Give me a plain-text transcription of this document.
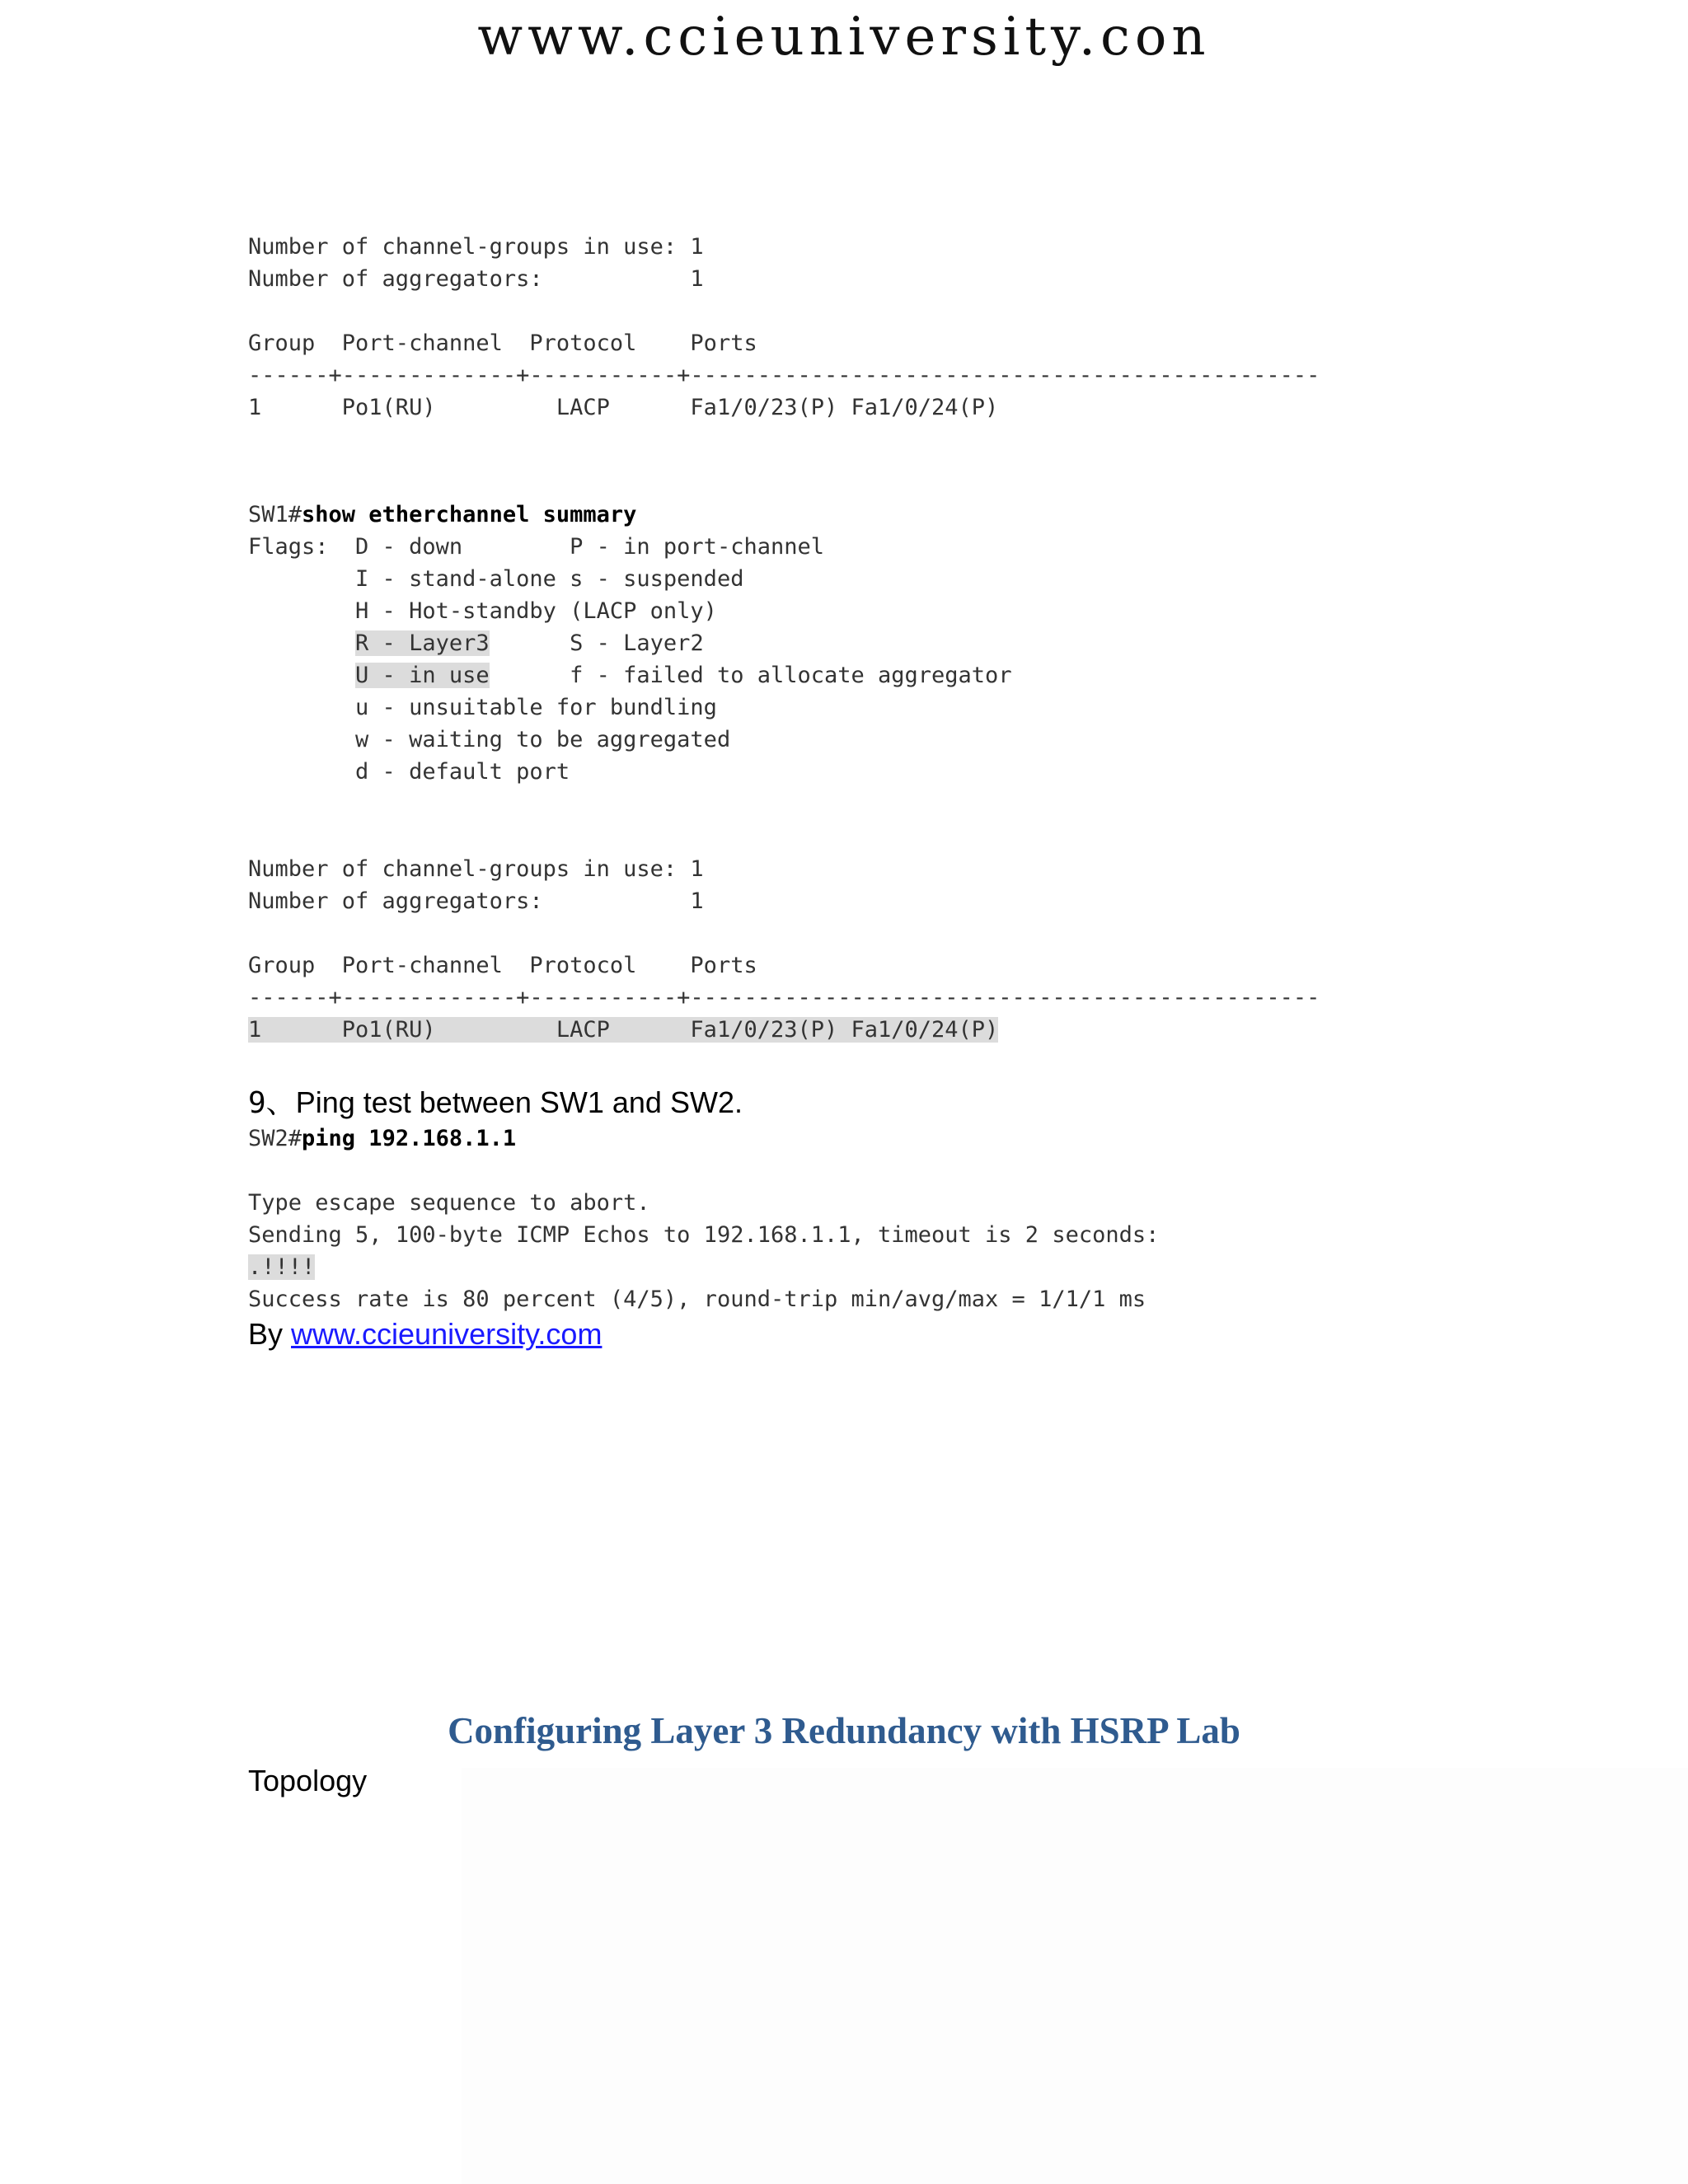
www.ccieuniversity.con
Number of channel-groups in use: 1
Number of aggregators:           1
Group  Port-channel  Protocol    Ports
------+-------------+-----------+-----------------------------------------------
1      Po1(RU)         LACP      Fa1/0/23(P) Fa1/0/24(P)
SW1#show etherchannel summary
Flags:  D - down        P - in port-channel
I - stand-alone s - suspended
H - Hot-standby (LACP only)
R - Layer3      S - Layer2
U - in use      f - failed to allocate aggregator
u - unsuitable for bundling
w - waiting to be aggregated
d - default port
Number of channel-groups in use: 1
Number of aggregators:           1
Group  Port-channel  Protocol    Ports
------+-------------+-----------+-----------------------------------------------
1      Po1(RU)         LACP      Fa1/0/23(P) Fa1/0/24(P)
9、Ping test between SW1 and SW2.
SW2#ping 192.168.1.1
Type escape sequence to abort.
Sending 5, 100-byte ICMP Echos to 192.168.1.1, timeout is 2 seconds:
.!!!!
Success rate is 80 percent (4/5), round-trip min/avg/max = 1/1/1 ms
By www.ccieuniversity.com
Configuring Layer 3 Redundancy with HSRP Lab
Topology
